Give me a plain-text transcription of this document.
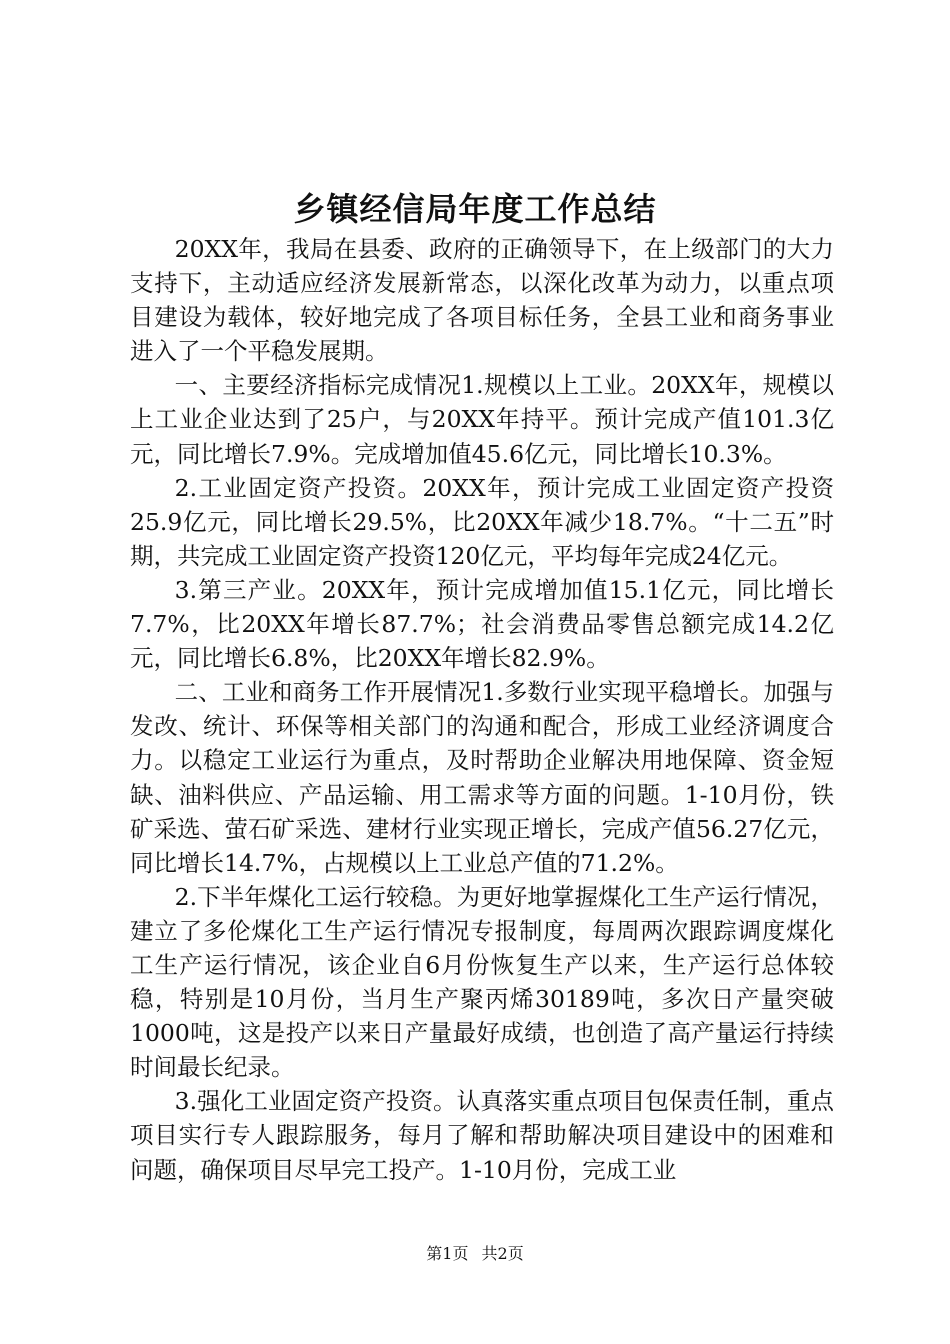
乡镇经信局年度工作总结

20XX年，我局在县委、政府的正确领导下，在上级部门的大力支持下，主动适应经济发展新常态，以深化改革为动力，以重点项目建设为载体，较好地完成了各项目标任务，全县工业和商务事业进入了一个平稳发展期。

一、主要经济指标完成情况1.规模以上工业。20XX年，规模以上工业企业达到了25户，与20XX年持平。预计完成产值101.3亿元，同比增长7.9%。完成增加值45.6亿元，同比增长10.3%。

2.工业固定资产投资。20XX年，预计完成工业固定资产投资25.9亿元，同比增长29.5%，比20XX年减少18.7%。“十二五”时期，共完成工业固定资产投资120亿元，平均每年完成24亿元。

3.第三产业。20XX年，预计完成增加值15.1亿元，同比增长7.7%，比20XX年增长87.7%；社会消费品零售总额完成14.2亿元，同比增长6.8%，比20XX年增长82.9%。

二、工业和商务工作开展情况1.多数行业实现平稳增长。加强与发改、统计、环保等相关部门的沟通和配合，形成工业经济调度合力。以稳定工业运行为重点，及时帮助企业解决用地保障、资金短缺、油料供应、产品运输、用工需求等方面的问题。1-10月份，铁矿采选、萤石矿采选、建材行业实现正增长，完成产值56.27亿元，同比增长14.7%，占规模以上工业总产值的71.2%。

2.下半年煤化工运行较稳。为更好地掌握煤化工生产运行情况，建立了多伦煤化工生产运行情况专报制度，每周两次跟踪调度煤化工生产运行情况，该企业自6月份恢复生产以来，生产运行总体较稳，特别是10月份，当月生产聚丙烯30189吨，多次日产量突破1000吨，这是投产以来日产量最好成绩，也创造了高产量运行持续时间最长纪录。

3.强化工业固定资产投资。认真落实重点项目包保责任制，重点项目实行专人跟踪服务，每月了解和帮助解决项目建设中的困难和问题，确保项目尽早完工投产。1-10月份，完成工业

第1页 共2页
